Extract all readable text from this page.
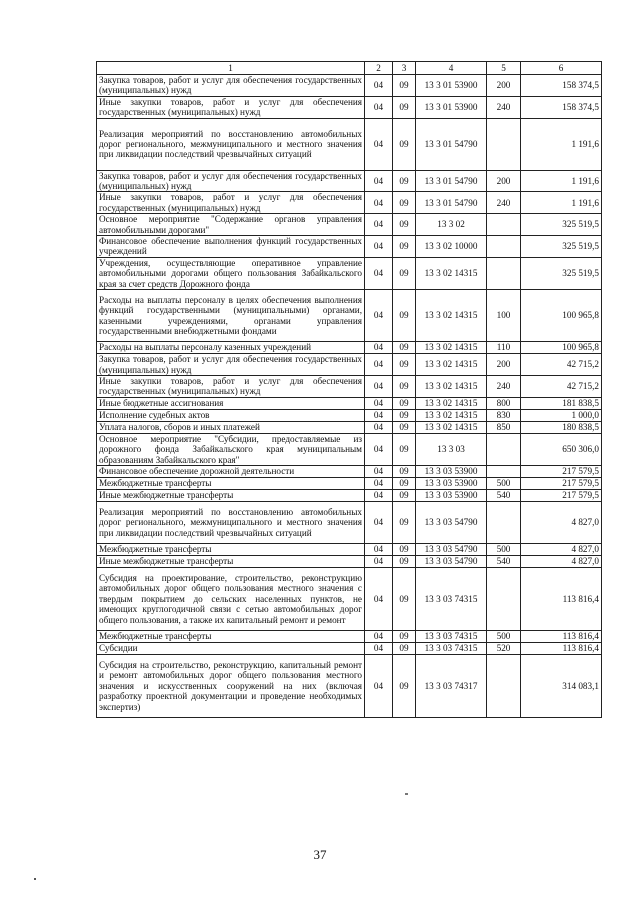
1	2	3	4	5	6
Закупка товаров, работ и услуг для обеспечения государственных (муниципальных) нужд	04	09	13 3 01 53900	200	158 374,5
Иные закупки товаров, работ и услуг для обеспечения государственных (муниципальных) нужд	04	09	13 3 01 53900	240	158 374,5
Реализация мероприятий по восстановлению автомобильных дорог регионального, межмуниципального и местного значения при ликвидации последствий чрезвычайных ситуаций	04	09	13 3 01 54790		1 191,6
Закупка товаров, работ и услуг для обеспечения государственных (муниципальных) нужд	04	09	13 3 01 54790	200	1 191,6
Иные закупки товаров, работ и услуг для обеспечения государственных (муниципальных) нужд	04	09	13 3 01 54790	240	1 191,6
Основное мероприятие "Содержание органов управления автомобильными дорогами"	04	09	13 3 02		325 519,5
Финансовое обеспечение выполнения функций государственных учреждений	04	09	13 3 02 10000		325 519,5
Учреждения, осуществляющие оперативное управление автомобильными дорогами общего пользования Забайкальского края за счет средств Дорожного фонда	04	09	13 3 02 14315		325 519,5
Расходы на выплаты персоналу в целях обеспечения выполнения функций государственными (муниципальными) органами, казенными учреждениями, органами управления государственными внебюджетными фондами	04	09	13 3 02 14315	100	100 965,8
Расходы на выплаты персоналу казенных учреждений	04	09	13 3 02 14315	110	100 965,8
Закупка товаров, работ и услуг для обеспечения государственных (муниципальных) нужд	04	09	13 3 02 14315	200	42 715,2
Иные закупки товаров, работ и услуг для обеспечения государственных (муниципальных) нужд	04	09	13 3 02 14315	240	42 715,2
Иные бюджетные ассигнования	04	09	13 3 02 14315	800	181 838,5
Исполнение судебных актов	04	09	13 3 02 14315	830	1 000,0
Уплата налогов, сборов и иных платежей	04	09	13 3 02 14315	850	180 838,5
Основное мероприятие "Субсидии, предоставляемые из дорожного фонда Забайкальского края муниципальным образованиям Забайкальского края"	04	09	13 3 03		650 306,0
Финансовое обеспечение дорожной деятельности	04	09	13 3 03 53900		217 579,5
Межбюджетные трансферты	04	09	13 3 03 53900	500	217 579,5
Иные межбюджетные трансферты	04	09	13 3 03 53900	540	217 579,5
Реализация мероприятий по восстановлению автомобильных дорог регионального, межмуниципального и местного значения при ликвидации последствий чрезвычайных ситуаций	04	09	13 3 03 54790		4 827,0
Межбюджетные трансферты	04	09	13 3 03 54790	500	4 827,0
Иные межбюджетные трансферты	04	09	13 3 03 54790	540	4 827,0
Субсидия на проектирование, строительство, реконструкцию автомобильных дорог общего пользования местного значения с твердым покрытием до сельских населенных пунктов, не имеющих круглогодичной связи с сетью автомобильных дорог общего пользования, а также их капитальный ремонт и ремонт	04	09	13 3 03 74315		113 816,4
Межбюджетные трансферты	04	09	13 3 03 74315	500	113 816,4
Субсидии	04	09	13 3 03 74315	520	113 816,4
Субсидия на строительство, реконструкцию, капитальный ремонт и ремонт автомобильных дорог общего пользования местного значения и искусственных сооружений на них (включая разработку проектной документации и проведение необходимых экспертиз)	04	09	13 3 03 74317		314 083,1
37
